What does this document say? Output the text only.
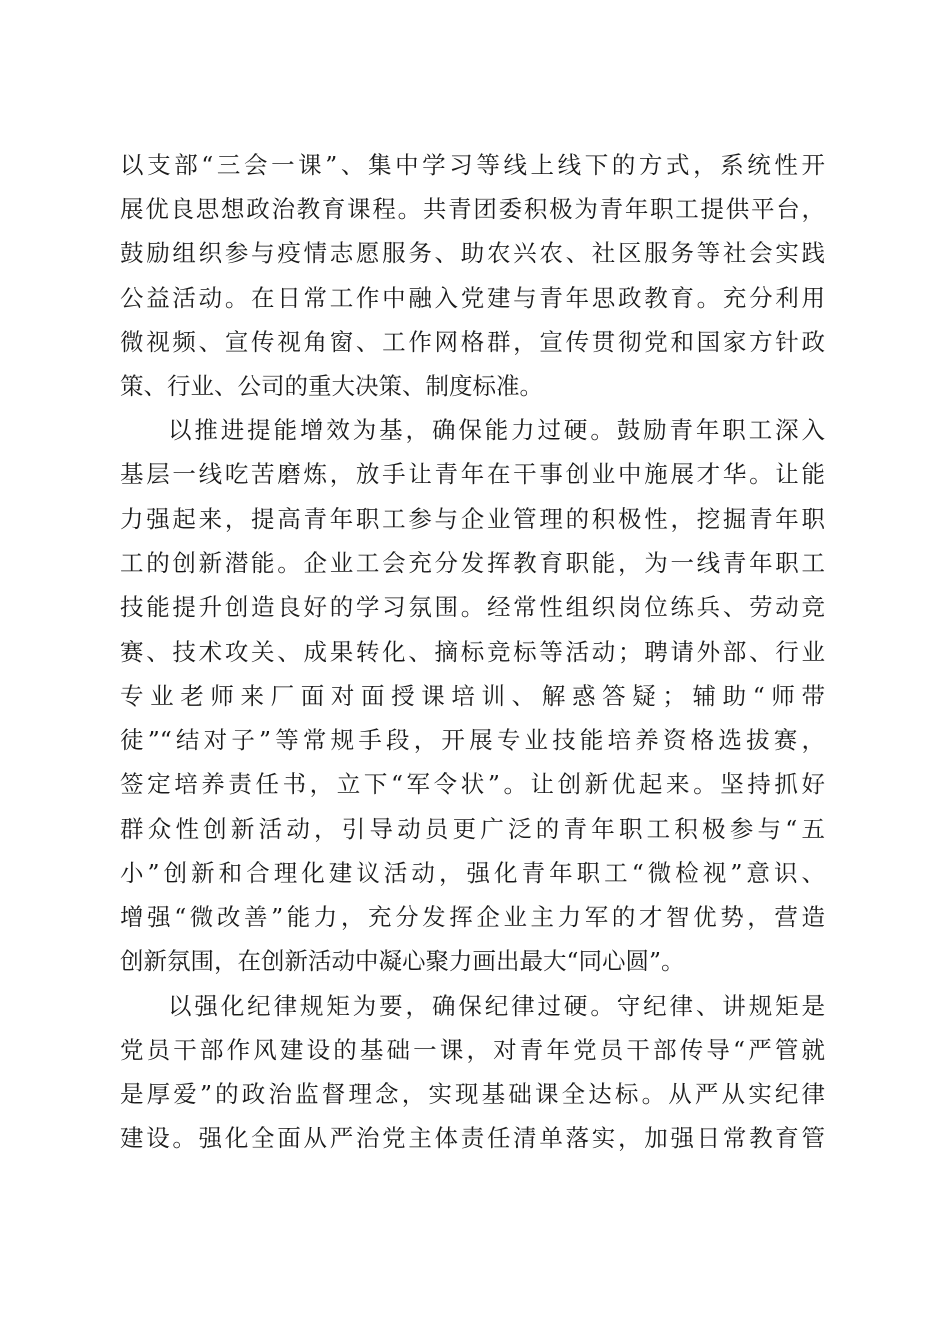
以支部“三会一课”、集中学习等线上线下的方式，系统性开
展优良思想政治教育课程。共青团委积极为青年职工提供平台，
鼓励组织参与疫情志愿服务、助农兴农、社区服务等社会实践
公益活动。在日常工作中融入党建与青年思政教育。充分利用
微视频、宣传视角窗、工作网格群，宣传贯彻党和国家方针政
策、行业、公司的重大决策、制度标准。
以推进提能增效为基，确保能力过硬。鼓励青年职工深入
基层一线吃苦磨炼，放手让青年在干事创业中施展才华。让能
力强起来，提高青年职工参与企业管理的积极性，挖掘青年职
工的创新潜能。企业工会充分发挥教育职能，为一线青年职工
技能提升创造良好的学习氛围。经常性组织岗位练兵、劳动竞
赛、技术攻关、成果转化、摘标竞标等活动；聘请外部、行业
专业老师来厂面对面授课培训、解惑答疑；辅助“师带
徒”“结对子”等常规手段，开展专业技能培养资格选拔赛，
签定培养责任书，立下“军令状”。让创新优起来。坚持抓好
群众性创新活动，引导动员更广泛的青年职工积极参与“五
小”创新和合理化建议活动，强化青年职工“微检视”意识、
增强“微改善”能力，充分发挥企业主力军的才智优势，营造
创新氛围，在创新活动中凝心聚力画出最大“同心圆”。
以强化纪律规矩为要，确保纪律过硬。守纪律、讲规矩是
党员干部作风建设的基础一课，对青年党员干部传导“严管就
是厚爱”的政治监督理念，实现基础课全达标。从严从实纪律
建设。强化全面从严治党主体责任清单落实，加强日常教育管
